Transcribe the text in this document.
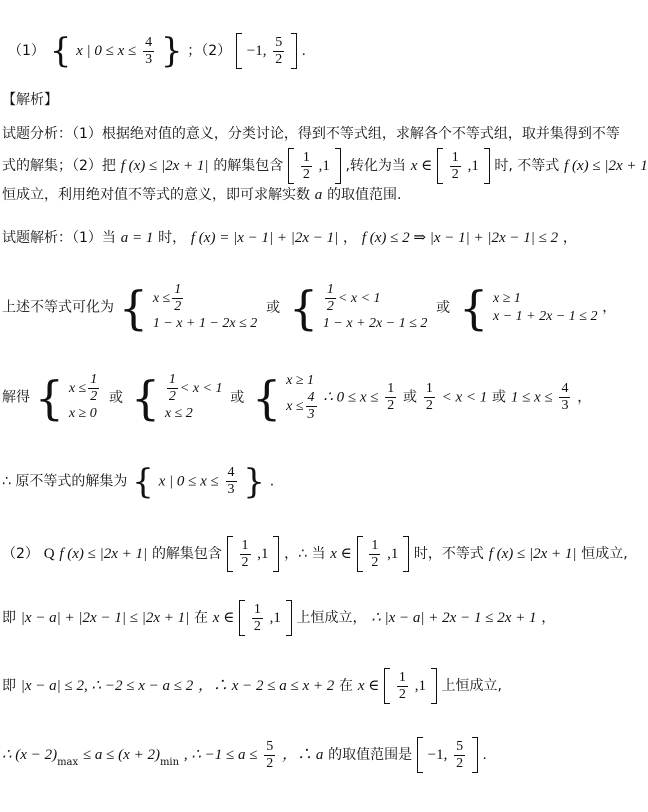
（1） { x | $0 \le x \le \frac{4}{3}$ } ；（2） −1, $\frac{5}{2}$ .
【解析】
试题分析：（1）根据绝对值的意义，分类讨论，得到不等式组，求解各个不等式组，取并集得到不等
式的解集；（2）把 f (x) ≤ |2x + 1| 的解集包含 $\frac{1}{2} ,1$ ,转化为当 x ∈ $\frac{1}{2} ,1$ 时, 不等式 f (x) ≤ |2x + 1
恒成立，利用绝对值不等式的意义，即可求解实数 a 的取值范围.
试题解析：（1）当 a = 1 时， f (x) = |x − 1| + |2x − 1| ， f (x) ≤ 2 ⇒ |x − 1| + |2x − 1| ≤ 2 ，
上述不等式可化为 { $x \le \frac{1}{2}$
1 − x + 1 − 2x ≤ 2
或 { $\frac{1}{2} < x < 1$
1 − x + 2x − 1 ≤ 2
或 { x ≥ 1
x − 1 + 2x − 1 ≤ 2
，
解得 { $x \le \frac{1}{2}$
x ≥ 0
或 { $\frac{1}{2} < x < 1$
x ≤ 2
或 { x ≥ 1
$x \le \frac{4}{3}$ ∴ $0 \le x \le \frac{1}{2}$ 或 $\frac{1}{2} < x < 1$ 或 $1 \le x \le \frac{4}{3}$ ，
∴ 原不等式的解集为 { x | $0 \le x \le \frac{4}{3}$ } .
（2） Q f (x) ≤ |2x + 1| 的解集包含 $\frac{1}{2} ,1$ ，∴ 当 x ∈ $\frac{1}{2} ,1$ 时，不等式 f (x) ≤ |2x + 1| 恒成立,
即 |x − a| + |2x − 1| ≤ |2x + 1| 在 x ∈ $\frac{1}{2} ,1$ 上恒成立， ∴ |x − a| + 2x − 1 ≤ 2x + 1 ，
即 |x − a| ≤ 2, ∴ −2 ≤ x − a ≤ 2 ，∴ x − 2 ≤ a ≤ x + 2 在 x ∈ $\frac{1}{2} ,1$ 上恒成立,
∴ $(x - 2)_{max} \le a \le (x + 2)_{min}$ , ∴ $-1 \le a \le \frac{5}{2}$ ，∴ a 的取值范围是 −1, $\frac{5}{2}$ .
